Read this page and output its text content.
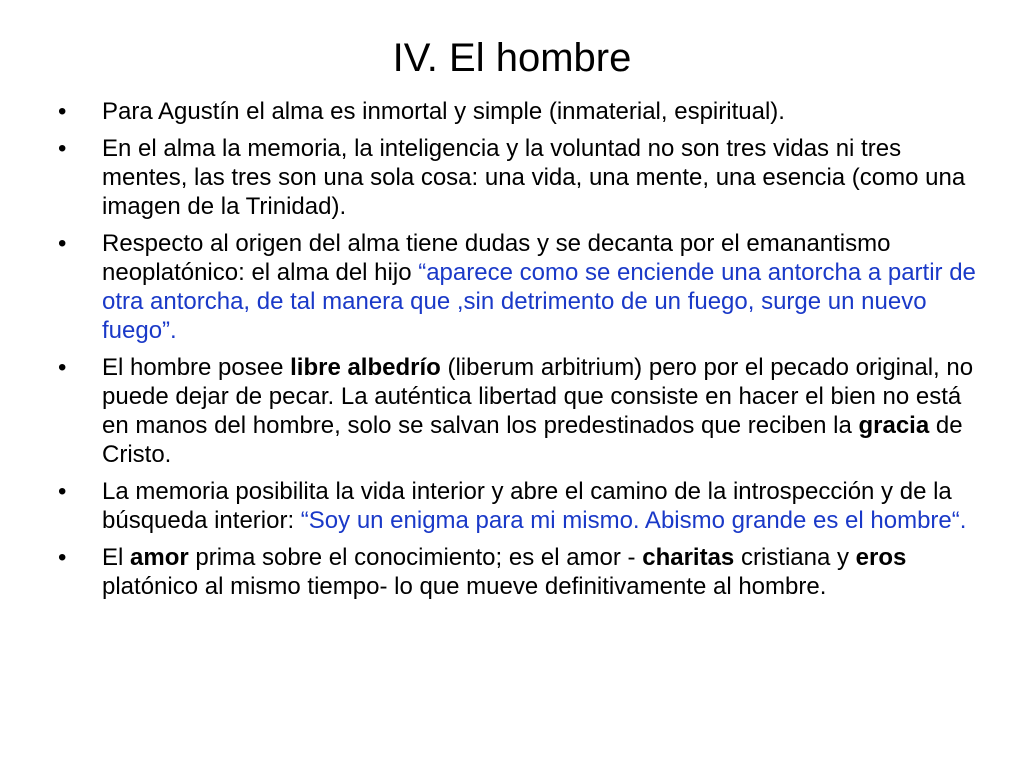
IV. El hombre
•	Para Agustín el alma es inmortal y simple (inmaterial, espiritual).
•	En el alma la memoria, la inteligencia y la voluntad no son tres vidas ni tres mentes, las tres son una sola cosa: una vida, una mente, una esencia (como una imagen de la Trinidad).
•	Respecto al origen del alma tiene dudas y se decanta por el emanantismo neoplatónico: el alma del hijo “aparece como se enciende una antorcha a partir de otra antorcha, de tal manera que ,sin detrimento de un fuego, surge un nuevo fuego”.
•	El hombre posee libre albedrío (liberum arbitrium) pero por el pecado original, no puede dejar de pecar. La auténtica libertad que consiste en hacer el bien no está en manos del hombre, solo se salvan los predestinados que reciben la gracia de Cristo.
•	La memoria posibilita la vida interior y abre el camino de la introspección y de la búsqueda interior: “Soy un enigma para mi mismo. Abismo grande es el hombre“.
•	El amor prima sobre el conocimiento; es el amor - charitas cristiana y eros platónico al mismo tiempo- lo que mueve definitivamente al hombre.
